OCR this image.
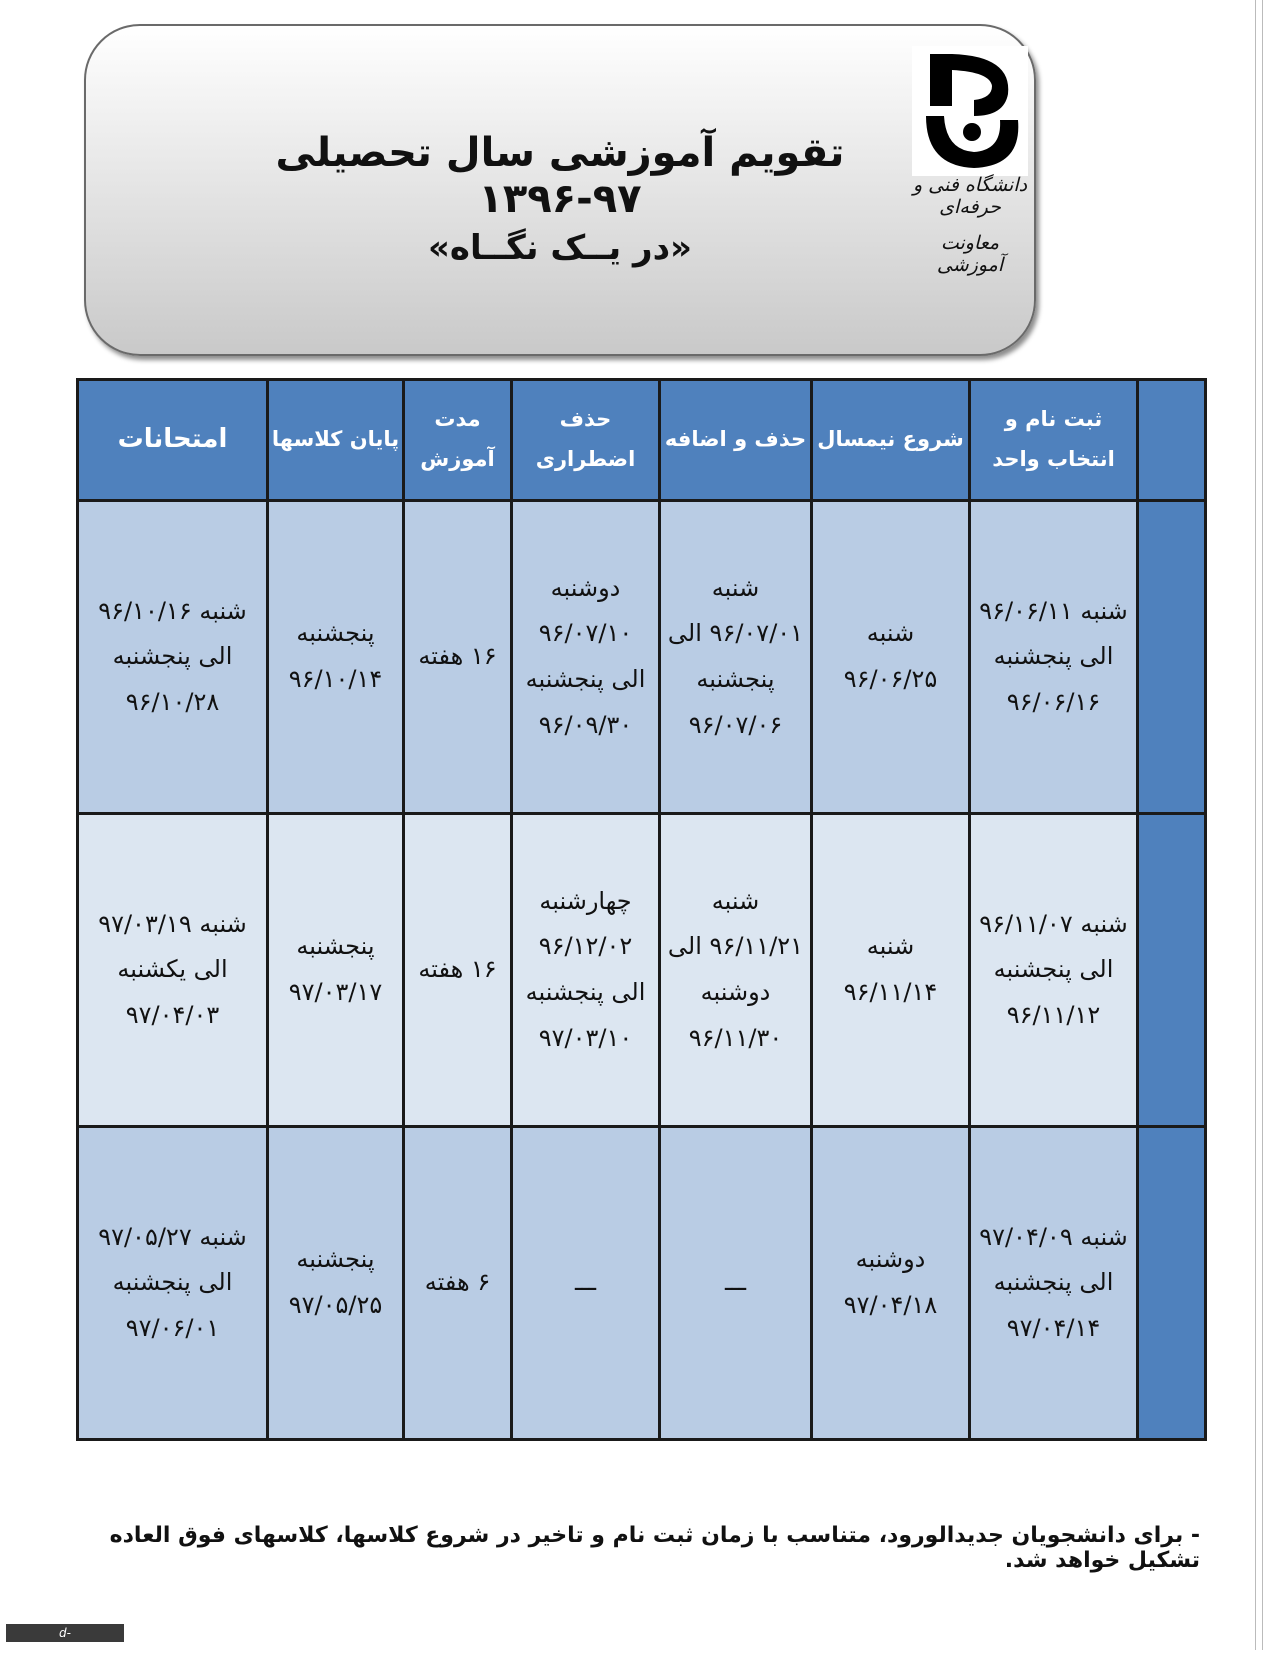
دانشگاه فنی و حرفه‌ای
معاونت آموزشی
تقویم آموزشی سال تحصیلی ۹۷-۱۳۹۶
«در یــک نگــاه»
	ثبت نام و انتخاب واحد	شروع نیمسال	حذف و اضافه	حذف اضطراری	مدت آموزش	پایان کلاسها	امتحانات
	شنبه ۹۶/۰۶/۱۱ الی پنجشنبه ۹۶/۰۶/۱۶	شنبه ۹۶/۰۶/۲۵	شنبه ۹۶/۰۷/۰۱ الی پنجشنبه ۹۶/۰۷/۰۶	دوشنبه ۹۶/۰۷/۱۰ الی پنجشنبه ۹۶/۰۹/۳۰	۱۶ هفته	پنجشنبه ۹۶/۱۰/۱۴	شنبه ۹۶/۱۰/۱۶ الی پنجشنبه ۹۶/۱۰/۲۸
	شنبه ۹۶/۱۱/۰۷ الی پنجشنبه ۹۶/۱۱/۱۲	شنبه ۹۶/۱۱/۱۴	شنبه ۹۶/۱۱/۲۱ الی دوشنبه ۹۶/۱۱/۳۰	چهارشنبه ۹۶/۱۲/۰۲ الی پنجشنبه ۹۷/۰۳/۱۰	۱۶ هفته	پنجشنبه ۹۷/۰۳/۱۷	شنبه ۹۷/۰۳/۱۹ الی یکشنبه ۹۷/۰۴/۰۳
	شنبه ۹۷/۰۴/۰۹ الی پنجشنبه ۹۷/۰۴/۱۴	دوشنبه ۹۷/۰۴/۱۸	ـــ	ـــ	۶ هفته	پنجشنبه ۹۷/۰۵/۲۵	شنبه ۹۷/۰۵/۲۷ الی پنجشنبه ۹۷/۰۶/۰۱
- برای دانشجویان جدیدالورود، متناسب با زمان ثبت نام و تاخیر در شروع کلاسها، کلاسهای فوق العاده تشکیل خواهد شد.
d-maragheh.tvu.ac.ir
